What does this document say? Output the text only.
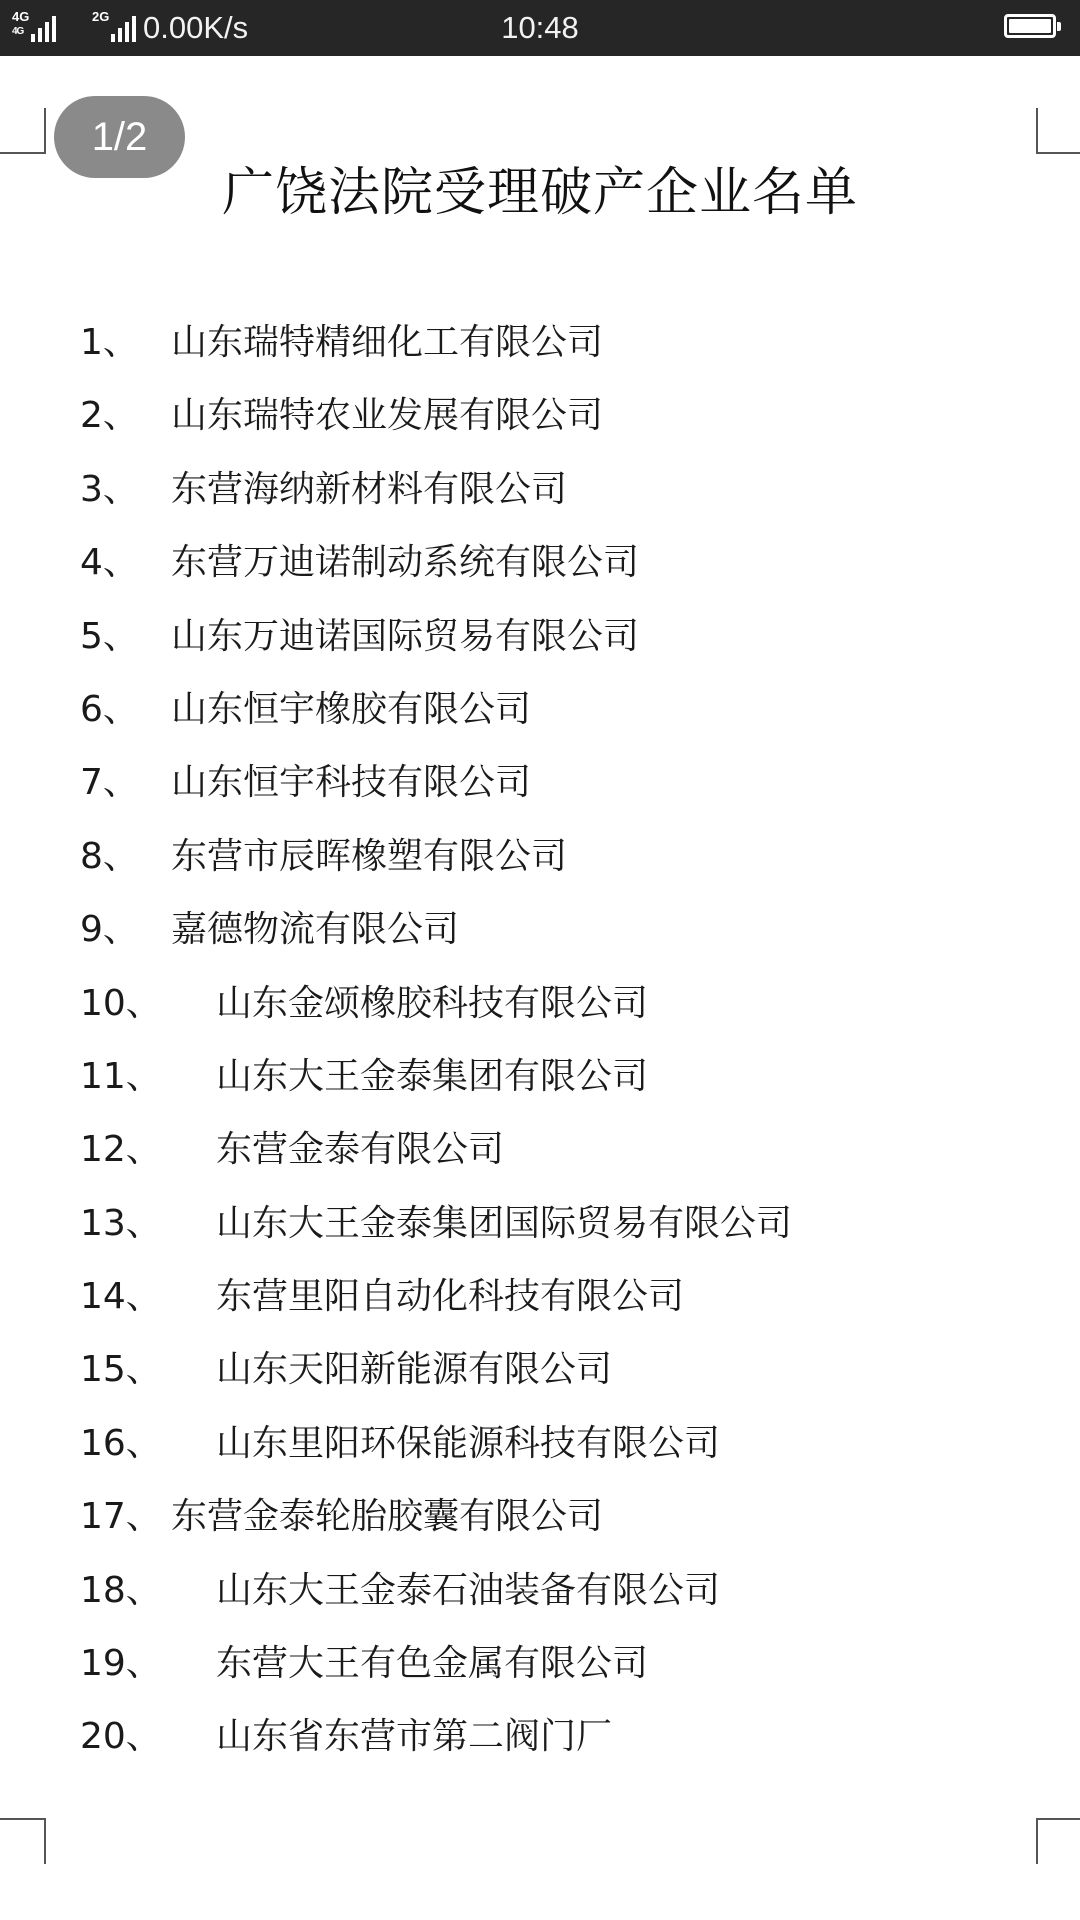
4G
4G
2G 0.00K/s	10:48
1/2
广饶法院受理破产企业名单
1、 山东瑞特精细化工有限公司
2、 山东瑞特农业发展有限公司
3、 东营海纳新材料有限公司
4、 东营万迪诺制动系统有限公司
5、 山东万迪诺国际贸易有限公司
6、 山东恒宇橡胶有限公司
7、 山东恒宇科技有限公司
8、 东营市辰晖橡塑有限公司
9、 嘉德物流有限公司
10、 山东金颂橡胶科技有限公司
11、 山东大王金泰集团有限公司
12、 东营金泰有限公司
13、 山东大王金泰集团国际贸易有限公司
14、 东营里阳自动化科技有限公司
15、 山东天阳新能源有限公司
16、 山东里阳环保能源科技有限公司
17、 东营金泰轮胎胶囊有限公司
18、 山东大王金泰石油装备有限公司
19、 东营大王有色金属有限公司
20、 山东省东营市第二阀门厂
